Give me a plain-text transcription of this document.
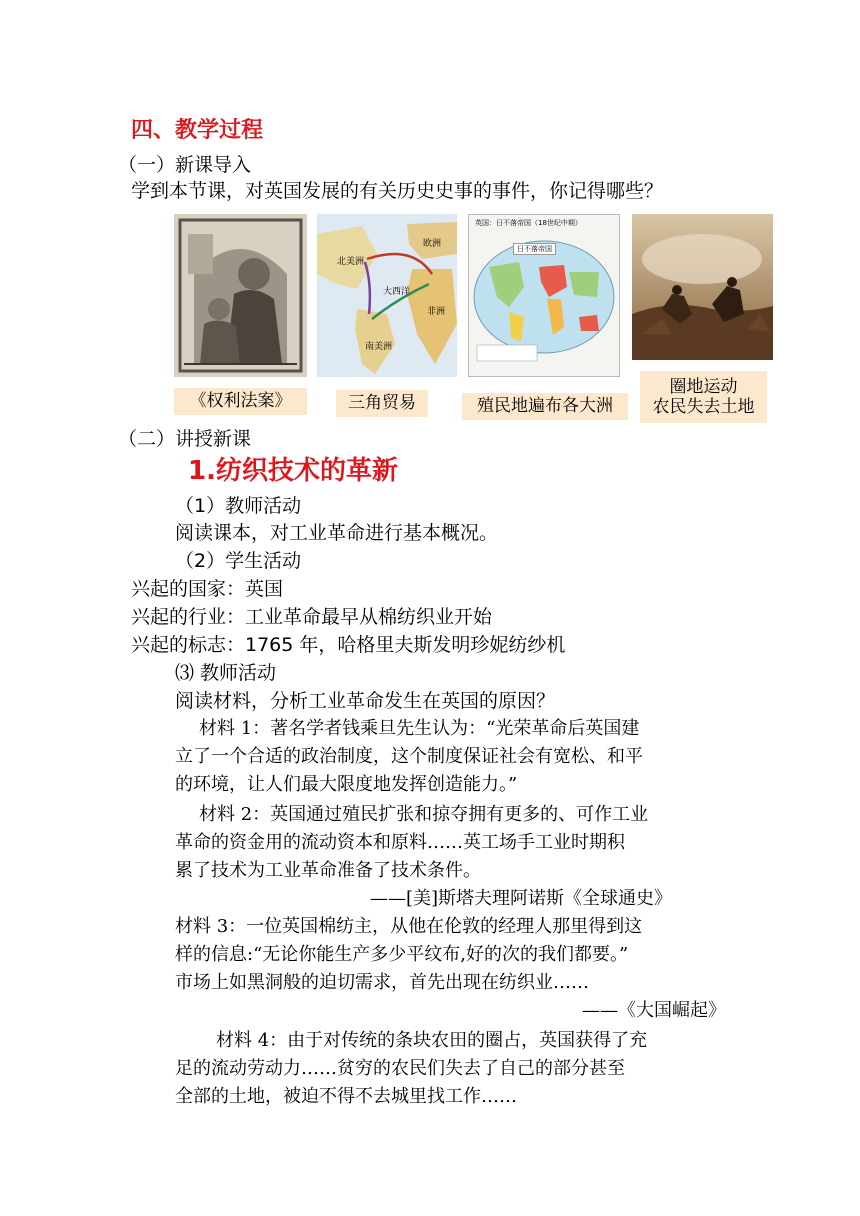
四、教学过程
（一）新课导入
学到本节课，对英国发展的有关历史史事的事件，你记得哪些？
《权利法案》
北美洲
欧洲
大西洋
非洲
南美洲
三角贸易
英国：日不落帝国（18世纪中期）
日不落帝国
殖民地遍布各大洲
圈地运动
农民失去土地
（二）讲授新课
1.纺织技术的革新
（1）教师活动
阅读课本，对工业革命进行基本概况。
（2）学生活动
兴起的国家：英国
兴起的行业：工业革命最早从棉纺织业开始
兴起的标志：1765 年，哈格里夫斯发明珍妮纺纱机
⑶ 教师活动
阅读材料，分析工业革命发生在英国的原因？
材料 1：著名学者钱乘旦先生认为：“光荣革命后英国建
立了一个合适的政治制度，这个制度保证社会有宽松、和平
的环境，让人们最大限度地发挥创造能力。”
材料 2：英国通过殖民扩张和掠夺拥有更多的、可作工业
革命的资金用的流动资本和原料……英工场手工业时期积
累了技术为工业革命准备了技术条件。
——[美]斯塔夫理阿诺斯《全球通史》
材料 3：一位英国棉纺主，从他在伦敦的经理人那里得到这
样的信息:“无论你能生产多少平纹布,好的次的我们都要。”
市场上如黑洞般的迫切需求，首先出现在纺织业……
——《大国崛起》
材料 4：由于对传统的条块农田的圈占，英国获得了充
足的流动劳动力……贫穷的农民们失去了自己的部分甚至
全部的土地，被迫不得不去城里找工作……
